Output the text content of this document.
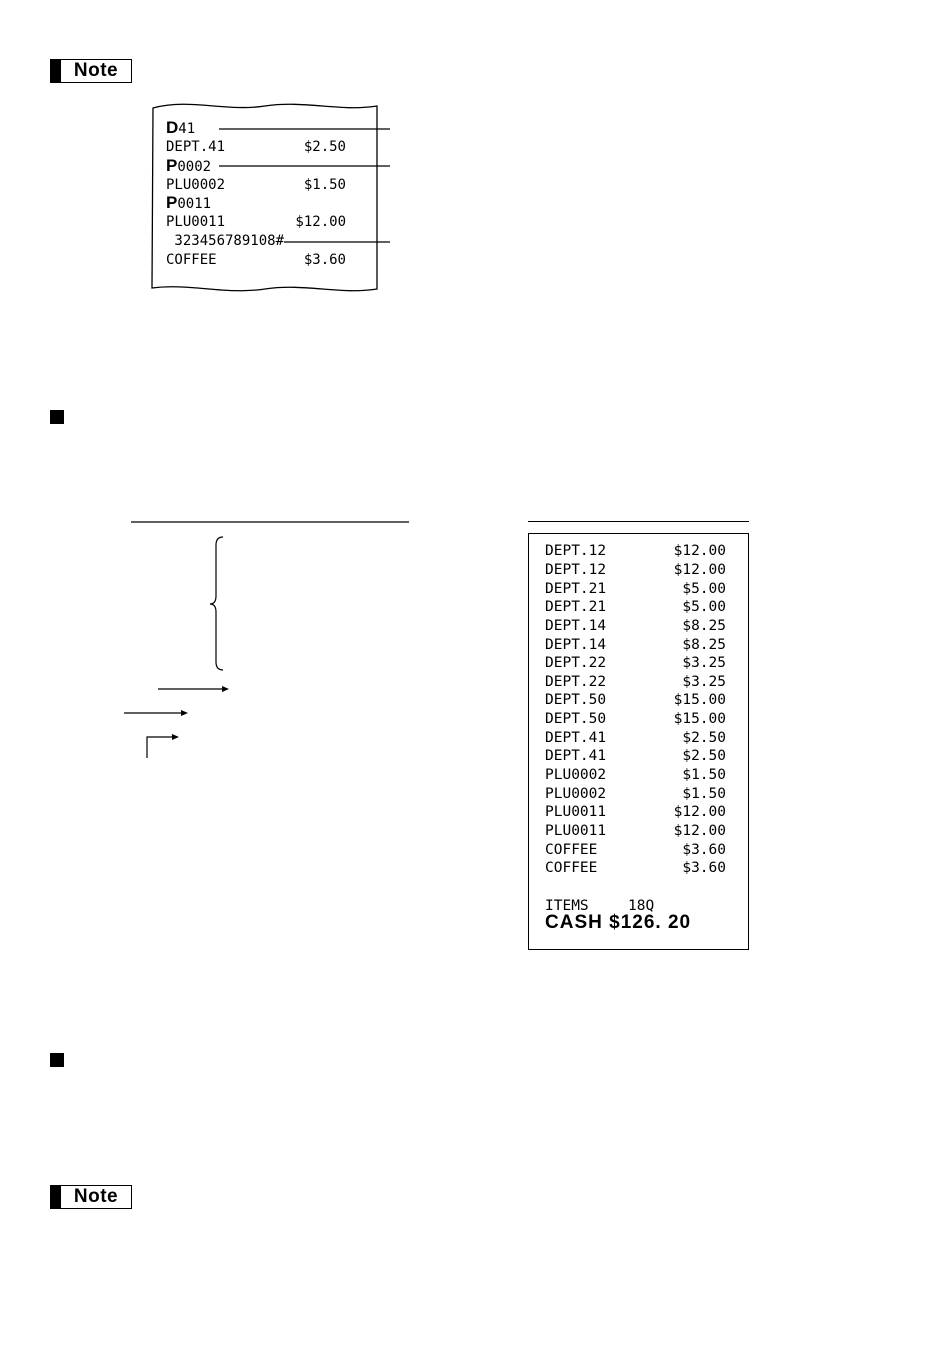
Note
D41
DEPT.41	$2.50
P0002
PLU0002	$1.50
P0011
PLU0011	$12.00
323456789108#
COFFEE	$3.60
DEPT.12	$12.00
DEPT.12	$12.00
DEPT.21	$5.00
DEPT.21	$5.00
DEPT.14	$8.25
DEPT.14	$8.25
DEPT.22	$3.25
DEPT.22	$3.25
DEPT.50	$15.00
DEPT.50	$15.00
DEPT.41	$2.50
DEPT.41	$2.50
PLU0002	$1.50
PLU0002	$1.50
PLU0011	$12.00
PLU0011	$12.00
COFFEE	$3.60
COFFEE	$3.60
ITEMS	18Q
CASH $126. 20
Note
